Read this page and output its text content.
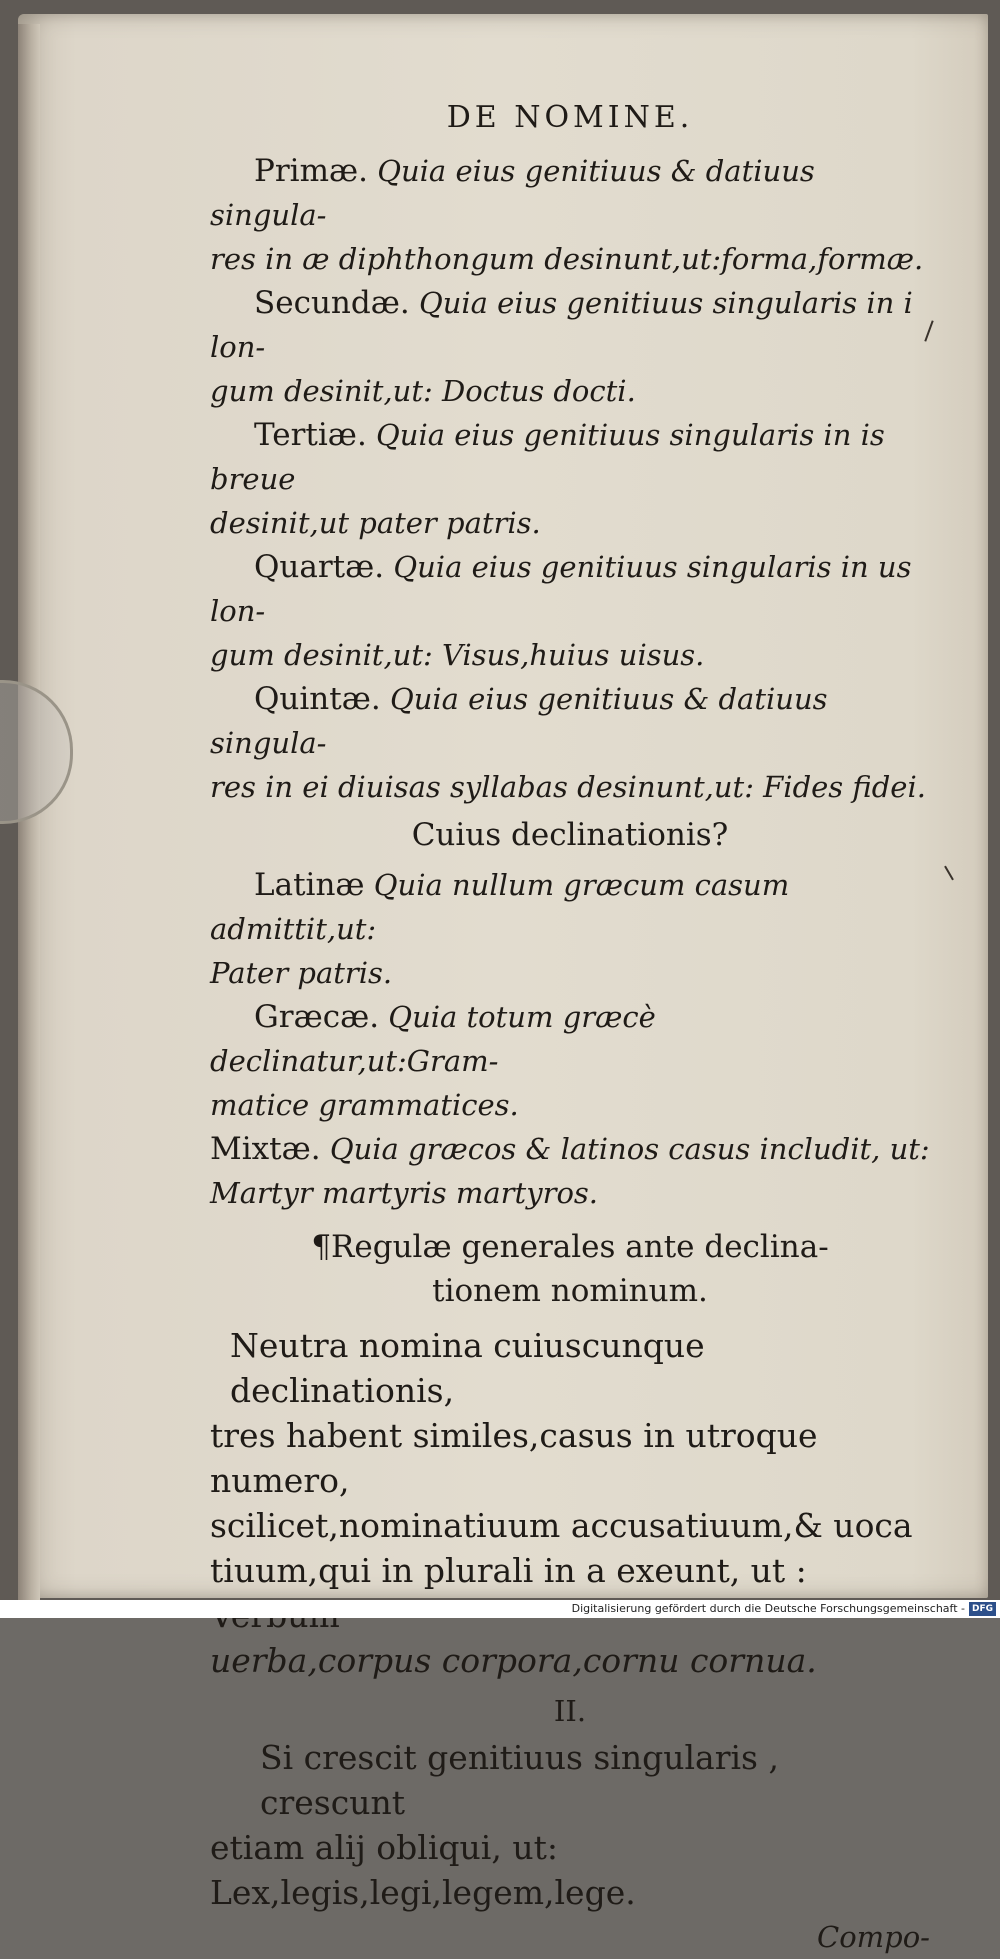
DE NOMINE.

Primæ. Quia eius genitiuus & datiuus singula-
res in æ diphthongum desinunt,ut:forma,formæ.

Secundæ. Quia eius genitiuus singularis in i lon-
gum desinit,ut: Doctus docti.

Tertiæ. Quia eius genitiuus singularis in is breue
desinit,ut pater patris.

Quartæ. Quia eius genitiuus singularis in us lon-
gum desinit,ut: Visus,huius uisus.

Quintæ. Quia eius genitiuus & datiuus singula-
res in ei diuisas syllabas desinunt,ut: Fides fidei.

Cuius declinationis?

Latinæ Quia nullum græcum casum admittit,ut:
Pater patris.

Græcæ. Quia totum græcè declinatur,ut:Gram-
matice grammatices.

Mixtæ. Quia græcos & latinos casus includit, ut:
Martyr martyris martyros.

¶Regulæ generales ante declina-

tionem nominum.

Neutra nomina cuiuscunque declinationis,
tres habent similes,casus in utroque numero,
scilicet,nominatiuum accusatiuum,& uoca
tiuum,qui in plurali in a exeunt, ut :
uerba,corpus corpora,cornu cornua.

II.

Si crescit genitiuus singularis , crescunt
etiam alij obliqui, ut: Lex,legis,legi,legem,lege.

Compo-

Digitalisierung gefördert durch die Deutsche Forschungsgemeinschaft - DFG
